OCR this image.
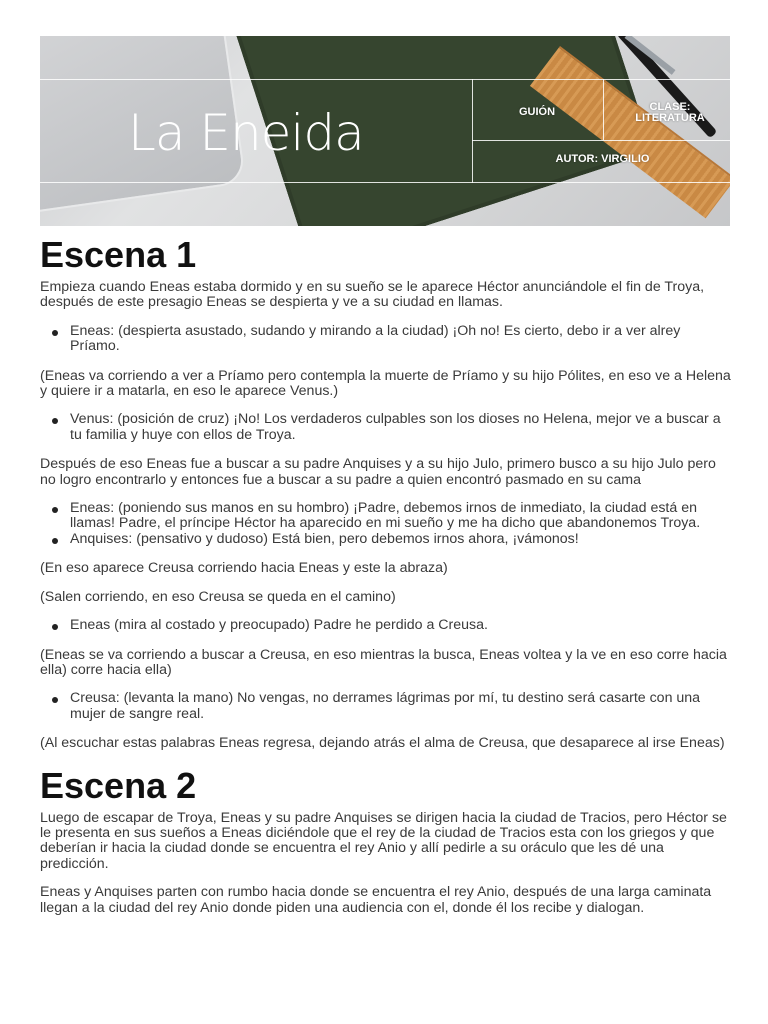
La Eneida	GUIÓN	CLASE:
LITERATURA
AUTOR: VIRGILIO
Escena 1

Empieza cuando Eneas estaba dormido y en su sueño se le aparece Héctor anunciándole el fin de Troya, después de este presagio Eneas se despierta y ve a su ciudad en llamas.

Eneas: (despierta asustado, sudando y mirando a la ciudad) ¡Oh no! Es cierto, debo ir a ver alrey Príamo.

(Eneas va corriendo a ver a Príamo pero contempla la muerte de Príamo y su hijo Pólites, en eso ve a Helena y quiere ir a matarla, en eso le aparece Venus.)

Venus: (posición de cruz) ¡No! Los verdaderos culpables son los dioses no Helena, mejor ve a buscar a tu familia y huye con ellos de Troya.

Después de eso Eneas fue a buscar a su padre Anquises y a su hijo Julo, primero busco a su hijo Julo pero no logro encontrarlo y entonces fue a buscar a su padre a quien encontró pasmado en su cama

Eneas: (poniendo sus manos en su hombro) ¡Padre, debemos irnos de inmediato, la ciudad está en llamas! Padre, el príncipe Héctor ha aparecido en mi sueño y me ha dicho que abandonemos Troya.
Anquises: (pensativo y dudoso) Está bien, pero debemos irnos ahora, ¡vámonos!

(En eso aparece Creusa corriendo hacia Eneas y este la abraza)

(Salen corriendo, en eso Creusa se queda en el camino)

Eneas (mira al costado y preocupado) Padre he perdido a Creusa.

(Eneas se va corriendo a buscar a Creusa, en eso mientras la busca, Eneas voltea y la ve en eso corre hacia ella) corre hacia ella)

Creusa: (levanta la mano) No vengas, no derrames lágrimas por mí, tu destino será casarte con una mujer de sangre real.

(Al escuchar estas palabras Eneas regresa, dejando atrás el alma de Creusa, que desaparece al irse Eneas)

Escena 2

Luego de escapar de Troya, Eneas y su padre Anquises se dirigen hacia la ciudad de Tracios, pero Héctor se le presenta en sus sueños a Eneas diciéndole que el rey de la ciudad de Tracios esta con los griegos y que deberían ir hacia la ciudad donde se encuentra el rey Anio y allí pedirle a su oráculo que les dé una predicción.

Eneas y Anquises parten con rumbo hacia donde se encuentra el rey Anio, después de una larga caminata llegan a la ciudad del rey Anio donde piden una audiencia con el, donde él los recibe y dialogan.
